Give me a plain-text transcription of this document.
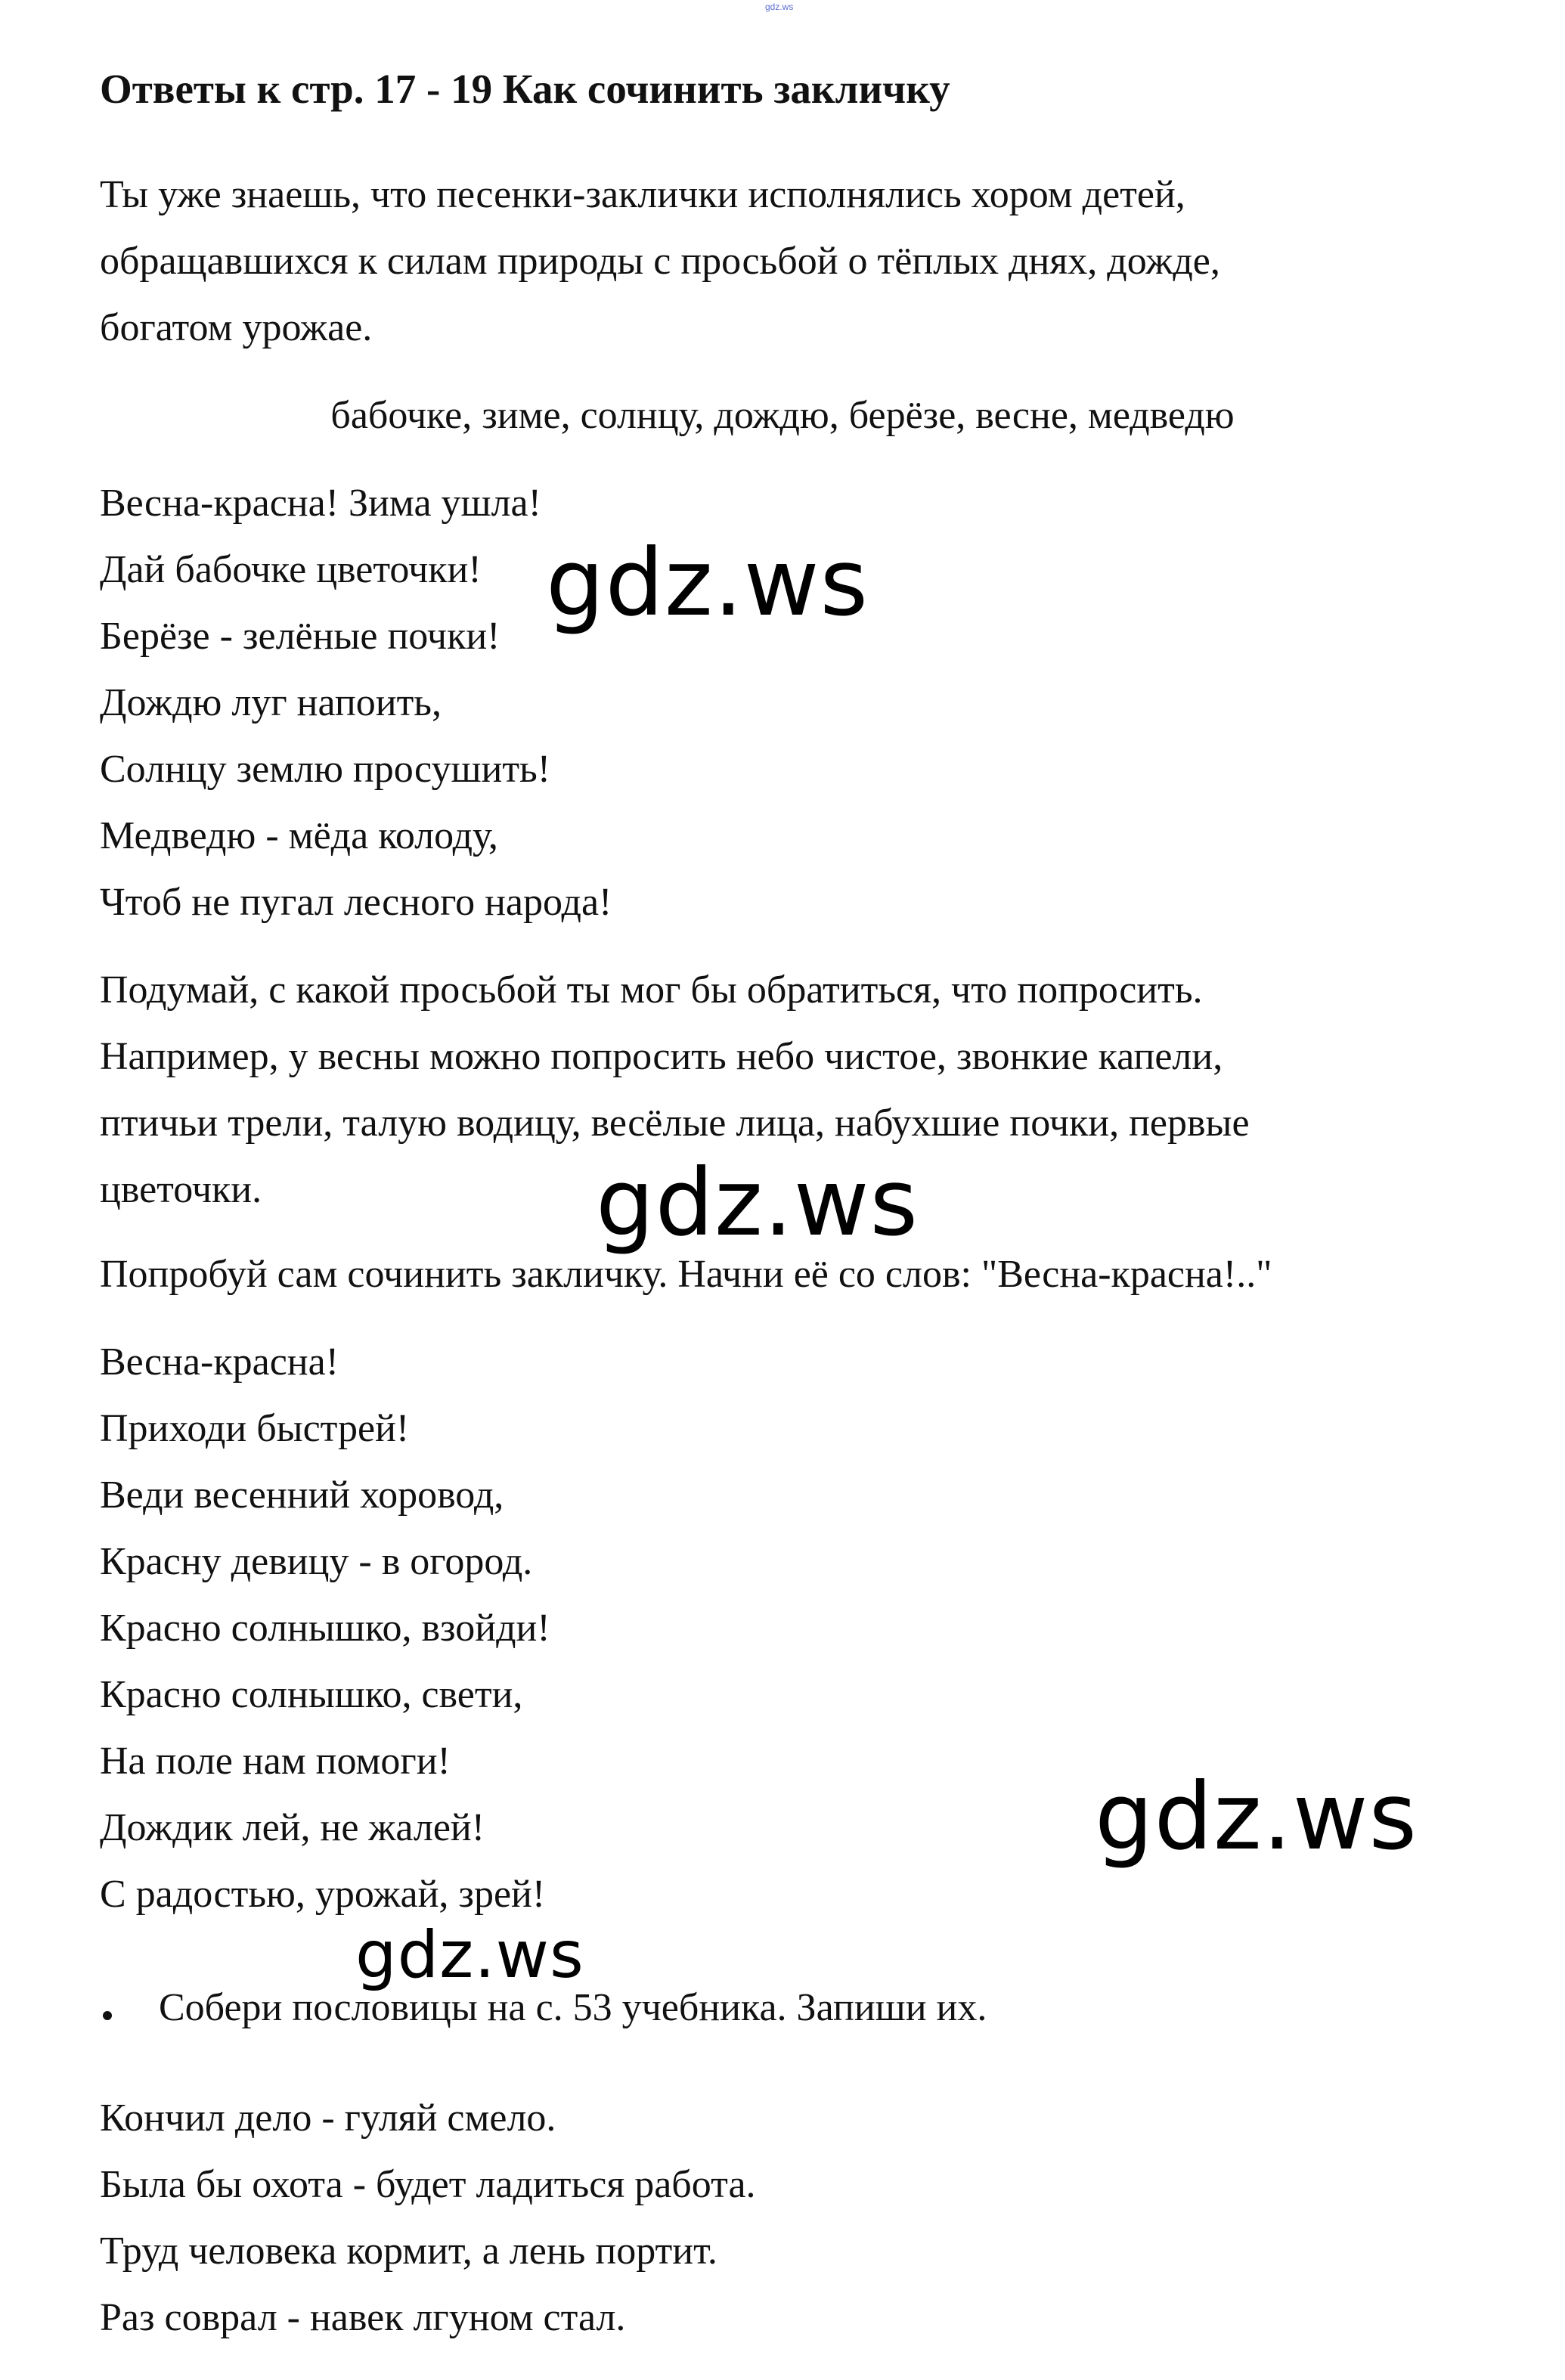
gdz.ws
Ответы к стр. 17 - 19 Как сочинить закличку
Ты уже знаешь, что песенки-заклички исполнялись хором детей,
обращавшихся к силам природы с просьбой о тёплых днях, дожде,
богатом урожае.
бабочке, зиме, солнцу, дождю, берёзе, весне, медведю
Весна-красна! Зима ушла!
Дай бабочке цветочки!
Берёзе - зелёные почки!
Дождю луг напоить,
Солнцу землю просушить!
Медведю - мёда колоду,
Чтоб не пугал лесного народа!
Подумай, с какой просьбой ты мог бы обратиться, что попросить.
Например, у весны можно попросить небо чистое, звонкие капели,
птичьи трели, талую водицу, весёлые лица, набухшие почки, первые
цветочки.
Попробуй сам сочинить закличку. Начни её со слов: "Весна-красна!.."
Весна-красна!
Приходи быстрей!
Веди весенний хоровод,
Красну девицу - в огород.
Красно солнышко, взойди!
Красно солнышко, свети,
На поле нам помоги!
Дождик лей, не жалей!
С радостью, урожай, зрей!
Собери пословицы на с. 53 учебника. Запиши их.
Кончил дело - гуляй смело.
Была бы охота - будет ладиться работа.
Труд человека кормит, а лень портит.
Раз соврал - навек лгуном стал.
gdz.ws
gdz.ws
gdz.ws
gdz.ws
